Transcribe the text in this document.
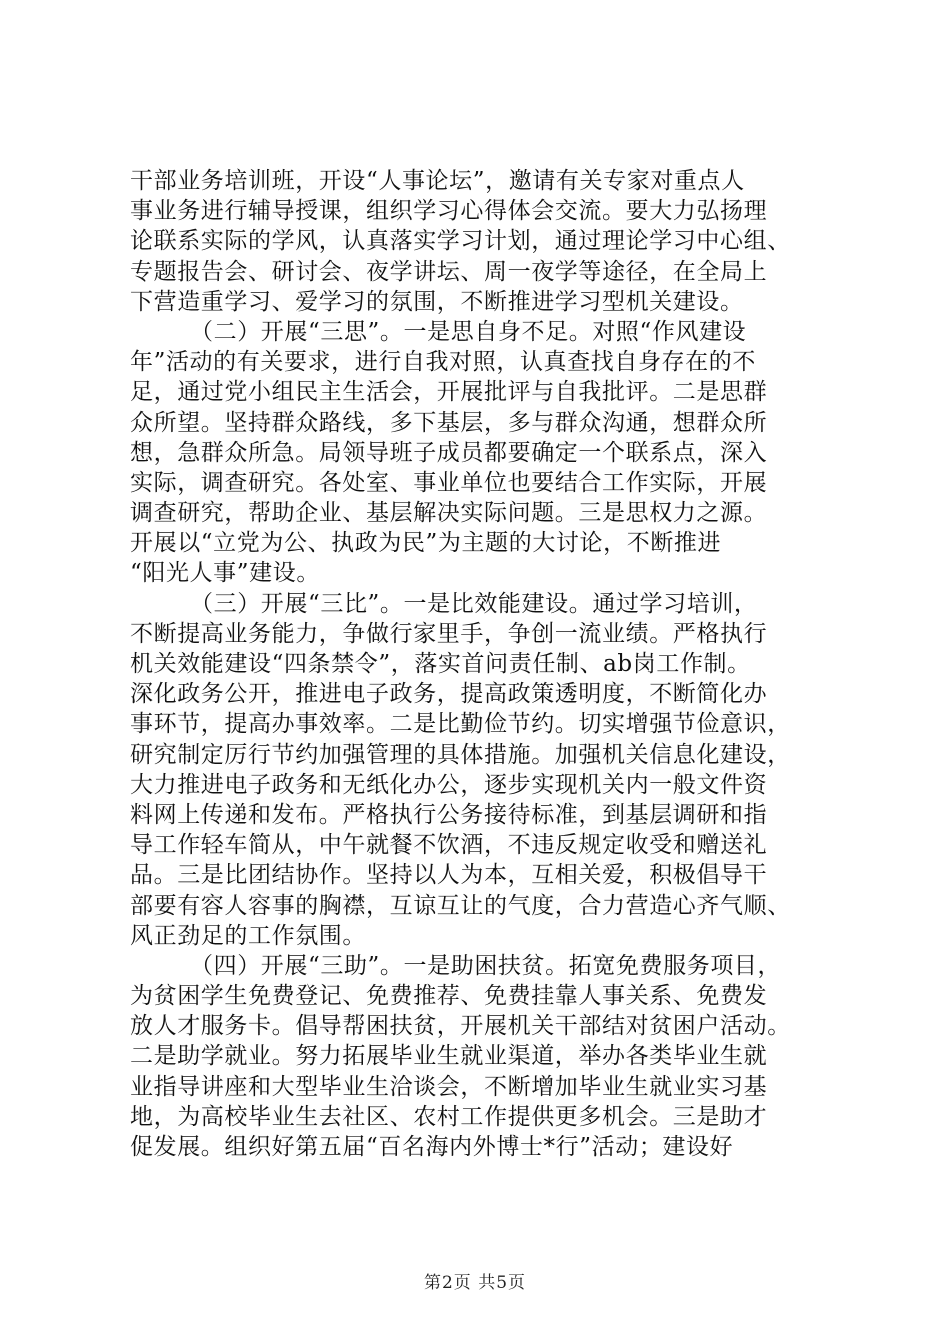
干部业务培训班，开设“人事论坛”，邀请有关专家对重点人
事业务进行辅导授课，组织学习心得体会交流。要大力弘扬理
论联系实际的学风，认真落实学习计划，通过理论学习中心组、
专题报告会、研讨会、夜学讲坛、周一夜学等途径，在全局上
下营造重学习、爱学习的氛围，不断推进学习型机关建设。
（二）开展“三思”。一是思自身不足。对照“作风建设
年”活动的有关要求，进行自我对照，认真查找自身存在的不
足，通过党小组民主生活会，开展批评与自我批评。二是思群
众所望。坚持群众路线，多下基层，多与群众沟通，想群众所
想，急群众所急。局领导班子成员都要确定一个联系点，深入
实际，调查研究。各处室、事业单位也要结合工作实际，开展
调查研究，帮助企业、基层解决实际问题。三是思权力之源。
开展以“立党为公、执政为民”为主题的大讨论，不断推进
“阳光人事”建设。
（三）开展“三比”。一是比效能建设。通过学习培训，
不断提高业务能力，争做行家里手，争创一流业绩。严格执行
机关效能建设“四条禁令”，落实首问责任制、ab岗工作制。
深化政务公开，推进电子政务，提高政策透明度，不断简化办
事环节，提高办事效率。二是比勤俭节约。切实增强节俭意识，
研究制定厉行节约加强管理的具体措施。加强机关信息化建设，
大力推进电子政务和无纸化办公，逐步实现机关内一般文件资
料网上传递和发布。严格执行公务接待标准，到基层调研和指
导工作轻车简从，中午就餐不饮酒，不违反规定收受和赠送礼
品。三是比团结协作。坚持以人为本，互相关爱，积极倡导干
部要有容人容事的胸襟，互谅互让的气度，合力营造心齐气顺、
风正劲足的工作氛围。
（四）开展“三助”。一是助困扶贫。拓宽免费服务项目，
为贫困学生免费登记、免费推荐、免费挂靠人事关系、免费发
放人才服务卡。倡导帮困扶贫，开展机关干部结对贫困户活动。
二是助学就业。努力拓展毕业生就业渠道，举办各类毕业生就
业指导讲座和大型毕业生洽谈会，不断增加毕业生就业实习基
地，为高校毕业生去社区、农村工作提供更多机会。三是助才
促发展。组织好第五届“百名海内外博士*行”活动；建设好
第2页 共5页
